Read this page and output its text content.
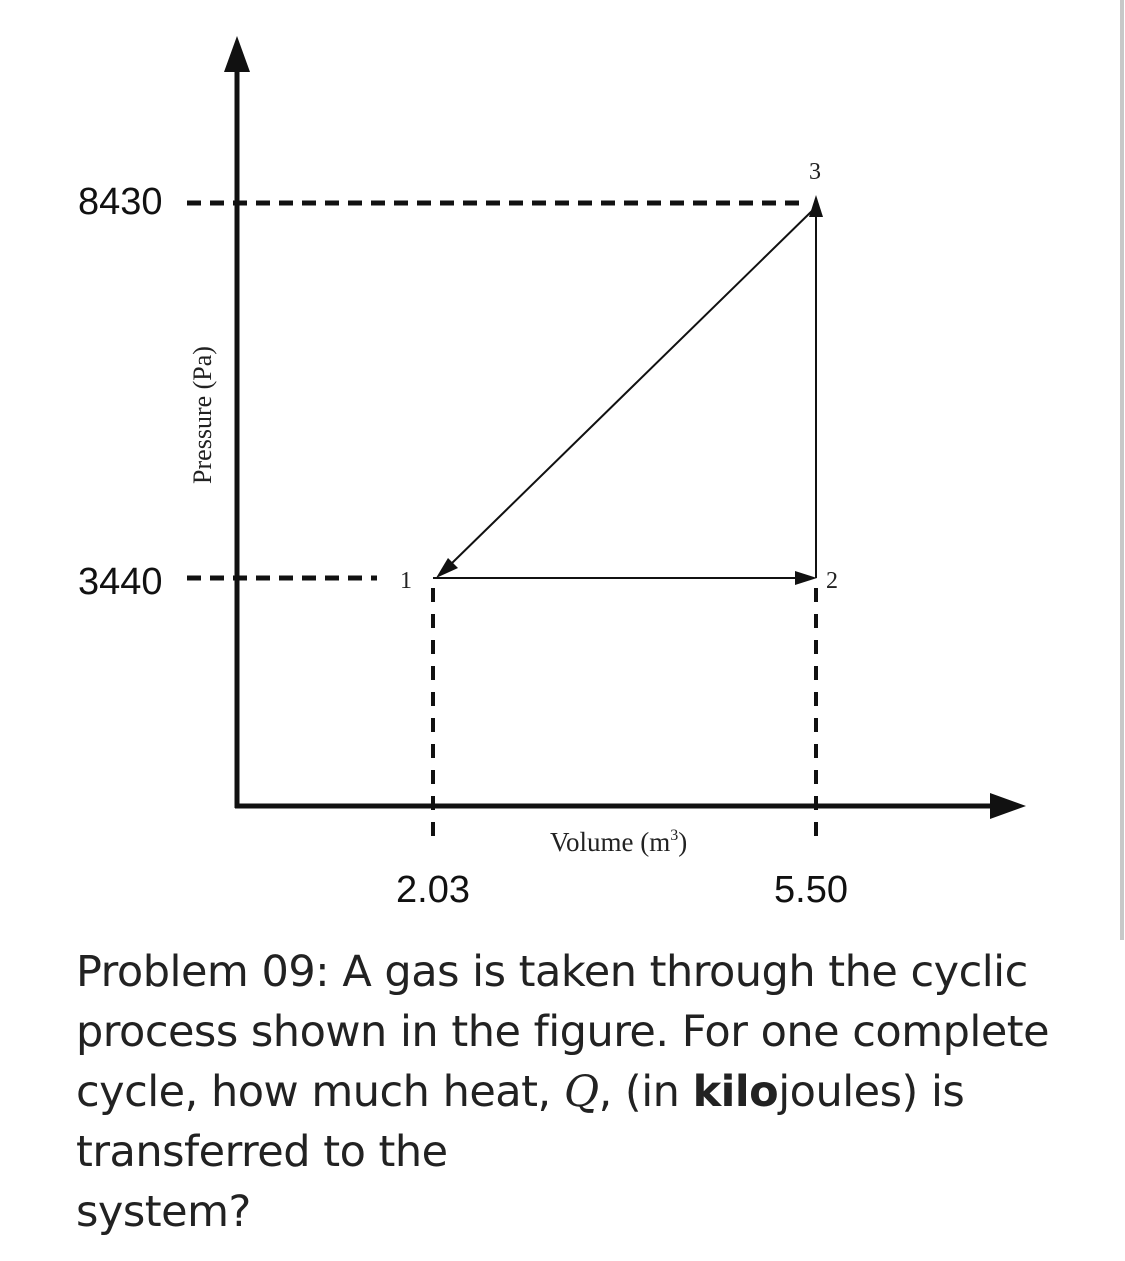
8430
3440
2.03	5.50
Pressure (Pa)
Volume $(m^3)$
1	2
3
Problem 09: A gas is taken through the cyclic
process shown in the figure. For one complete
cycle, how much heat, Q, (in kilojoules) is
transferred to the
system?
